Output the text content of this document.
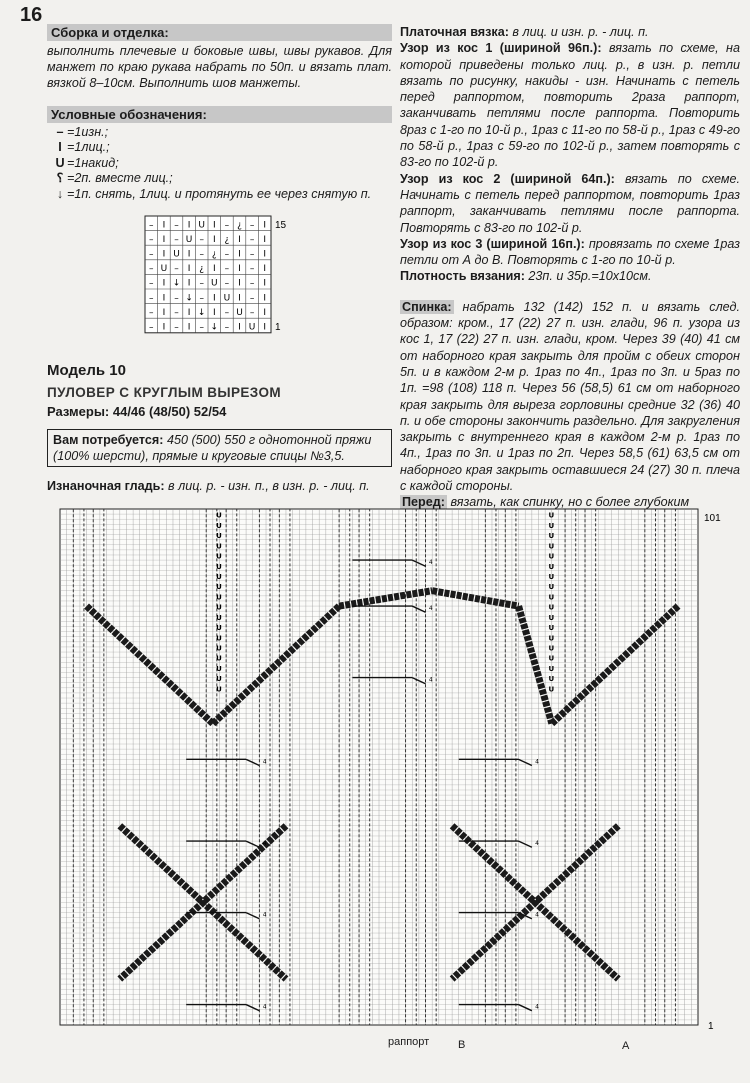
16
Сборка и отделка:

выполнить плечевые и боковые швы, швы рукавов. Для манжет по краю рукава набрать по 50п. и вязать плат. вязкой 8–10см. Выполнить шов манжеты.

Условные обозначения:
– =1изн.;
I =1лиц.;
U =1накид;
⸮ =2п. вместе лиц.;
↓ =1п. снять, 1лиц. и протянуть ее через снятую п.
Модель 10
ПУЛОВЕР С КРУГЛЫМ ВЫРЕЗОМ
Размеры: 44/46 (48/50) 52/54
Вам потребуется: 450 (500) 550 г однотонной пряжи (100% шерсти), прямые и круговые спицы №3,5.
Изнаночная гладь: в лиц. р. - изн. п., в изн. р. - лиц. п.

Платочная вязка: в лиц. и изн. р. - лиц. п.

Узор из кос 1 (шириной 96п.): вязать по схеме, на которой приведены только лиц. р., в изн. р. петли вязать по рисунку, накиды - изн. Начинать с петель перед раппортом, повторить 2раза раппорт, заканчивать петлями после раппорта. Повторить 8раз с 1-го по 10-й р., 1раз с 11-го по 58-й р., 1раз с 49-го по 58-й р., 1раз с 59-го по 102-й р., затем повторять с 83-го по 102-й р.

Узор из кос 2 (шириной 64п.): вязать по схеме. Начинать с петель перед раппортом, повторить 1раз раппорт, заканчивать петлями после раппорта. Повторять с 83-го по 102-й р.

Узор из кос 3 (шириной 16п.): провязать по схеме 1раз петли от А до В. Повторять с 1-го по 10-й р.

Плотность вязания: 23п. и 35р.=10х10см.

Спинка: набрать 132 (142) 152 п. и вязать след. образом: кром., 17 (22) 27 п. изн. глади, 96 п. узора из кос 1, 17 (22) 27 п. изн. глади, кром. Через 39 (40) 41 см от наборного края закрыть для пройм с обеих сторон 5п. и в каждом 2-м р. 1раз по 4п., 1раз по 3п. и 5раз по 1п. =98 (108) 118 п. Через 56 (58,5) 61 см от наборного края закрыть для выреза горловины средние 32 (36) 40 п. и обе стороны закончить раздельно. Для закругления закрыть с внутреннего края в каждом 2-м р. 1раз по 4п., 1раз по 3п. и 1раз по 2п. Через 58,5 (61) 63,5 см от наборного края закрыть оставшиеся 24 (27) 30 п. плеча с каждой стороны.

Перед: вязать, как спинку, но с более глубоким

– I – I U I – ¿ – I
– I – U – I ¿ I – I
– I U I – ¿ – I – I
– U – I ¿ I – I – I
– I ↓ I – U – I – I
– I – ↓ – I U I – I
– I – I ↓ I – U – I
– I – I – ↓ – I U I
15
1
4
4
4
4
4
4
4
4
4
4
4
U
U
U
U
U
U
U
U
U
U
U
U
U
U
U
U
U
U
U
U
U
U
U
U
U
U
U
U
U
U
U
U
U
U
U
U
101
1
раппорт	В	А
